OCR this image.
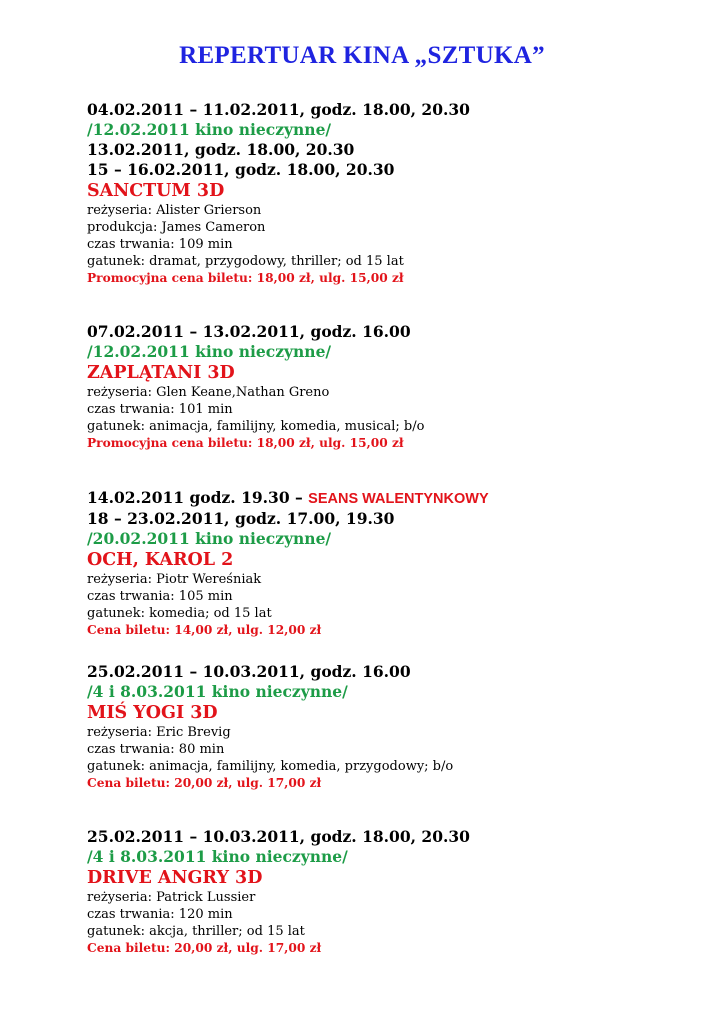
REPERTUAR KINA „SZTUKA”
04.02.2011 – 11.02.2011, godz. 18.00, 20.30
/12.02.2011 kino nieczynne/
13.02.2011, godz. 18.00, 20.30
15 – 16.02.2011, godz. 18.00, 20.30
SANCTUM 3D
reżyseria: Alister Grierson
produkcja: James Cameron
czas trwania: 109 min
gatunek: dramat, przygodowy, thriller; od 15 lat
Promocyjna cena biletu: 18,00 zł, ulg. 15,00 zł
07.02.2011 – 13.02.2011, godz. 16.00
/12.02.2011 kino nieczynne/
ZAPLĄTANI 3D
reżyseria: Glen Keane,Nathan Greno
czas trwania: 101 min
gatunek: animacja, familijny, komedia, musical; b/o
Promocyjna cena biletu: 18,00 zł, ulg. 15,00 zł
14.02.2011 godz. 19.30 – SEANS WALENTYNKOWY
18 – 23.02.2011, godz. 17.00, 19.30
/20.02.2011 kino nieczynne/
OCH, KAROL 2
reżyseria: Piotr Wereśniak
czas trwania: 105 min
gatunek: komedia; od 15 lat
Cena biletu: 14,00 zł, ulg. 12,00 zł
25.02.2011 – 10.03.2011, godz. 16.00
/4 i 8.03.2011 kino nieczynne/
MIŚ YOGI 3D
reżyseria: Eric Brevig
czas trwania: 80 min
gatunek: animacja, familijny, komedia, przygodowy; b/o
Cena biletu: 20,00 zł, ulg. 17,00 zł
25.02.2011 – 10.03.2011, godz. 18.00, 20.30
/4 i 8.03.2011 kino nieczynne/
DRIVE ANGRY 3D
reżyseria: Patrick Lussier
czas trwania: 120 min
gatunek: akcja, thriller; od 15 lat
Cena biletu: 20,00 zł, ulg. 17,00 zł
